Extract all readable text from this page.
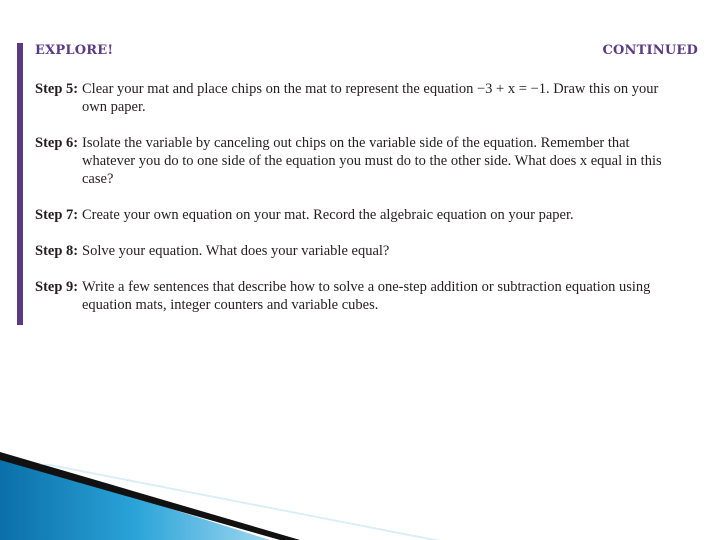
EXPLORE!	CONTINUED
Step 5: Clear your mat and place chips on the mat to represent the equation −3 + x = −1. Draw this on your own paper.
Step 6: Isolate the variable by canceling out chips on the variable side of the equation. Remember that whatever you do to one side of the equation you must do to the other side. What does x equal in this case?
Step 7: Create your own equation on your mat. Record the algebraic equation on your paper.
Step 8: Solve your equation. What does your variable equal?
Step 9: Write a few sentences that describe how to solve a one-step addition or subtraction equation using equation mats, integer counters and variable cubes.
